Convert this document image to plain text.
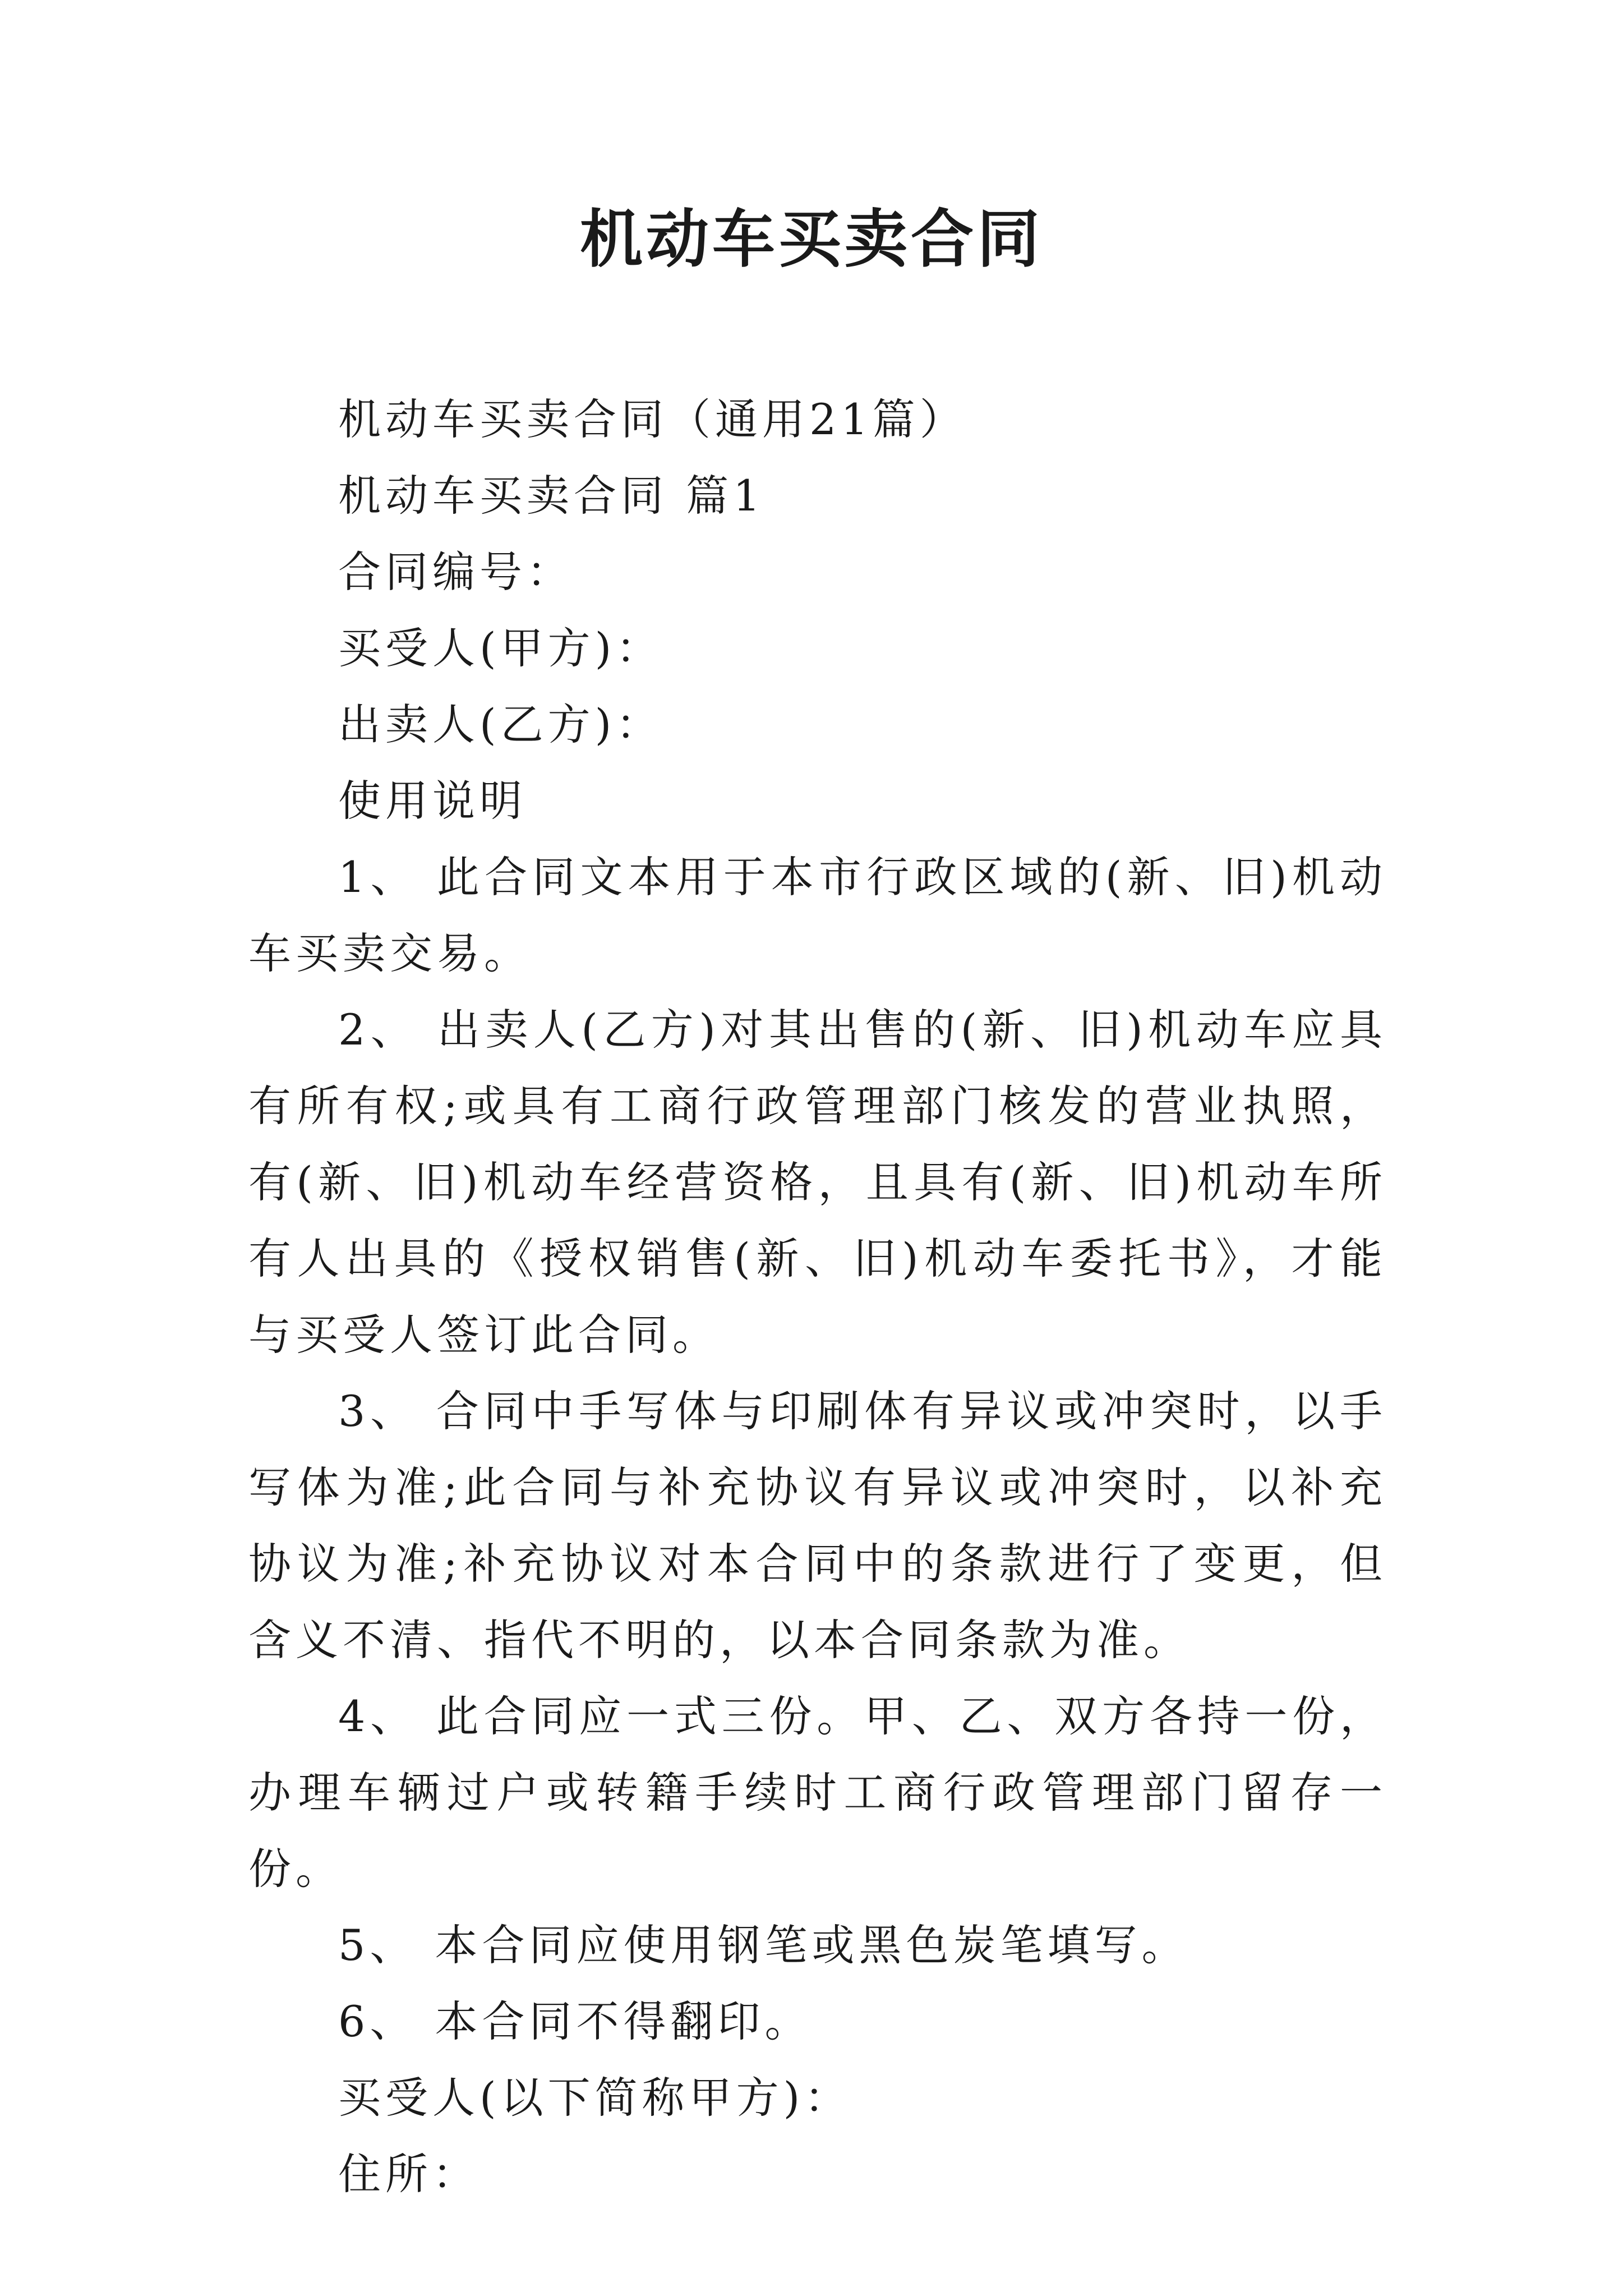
机动车买卖合同

机动车买卖合同（通用21篇）

机动车买卖合同 篇1

合同编号：

买受人(甲方)：

出卖人(乙方)：

使用说明

1、 此合同文本用于本市行政区域的(新、旧)机动车买卖交易。

2、 出卖人(乙方)对其出售的(新、旧)机动车应具有所有权;或具有工商行政管理部门核发的营业执照，有(新、旧)机动车经营资格，且具有(新、旧)机动车所有人出具的《授权销售(新、旧)机动车委托书》，才能与买受人签订此合同。

3、 合同中手写体与印刷体有异议或冲突时，以手写体为准;此合同与补充协议有异议或冲突时，以补充协议为准;补充协议对本合同中的条款进行了变更，但含义不清、指代不明的，以本合同条款为准。

4、 此合同应一式三份。甲、乙、双方各持一份，办理车辆过户或转籍手续时工商行政管理部门留存一份。

5、 本合同应使用钢笔或黑色炭笔填写。

6、 本合同不得翻印。

买受人(以下简称甲方)：

住所：
